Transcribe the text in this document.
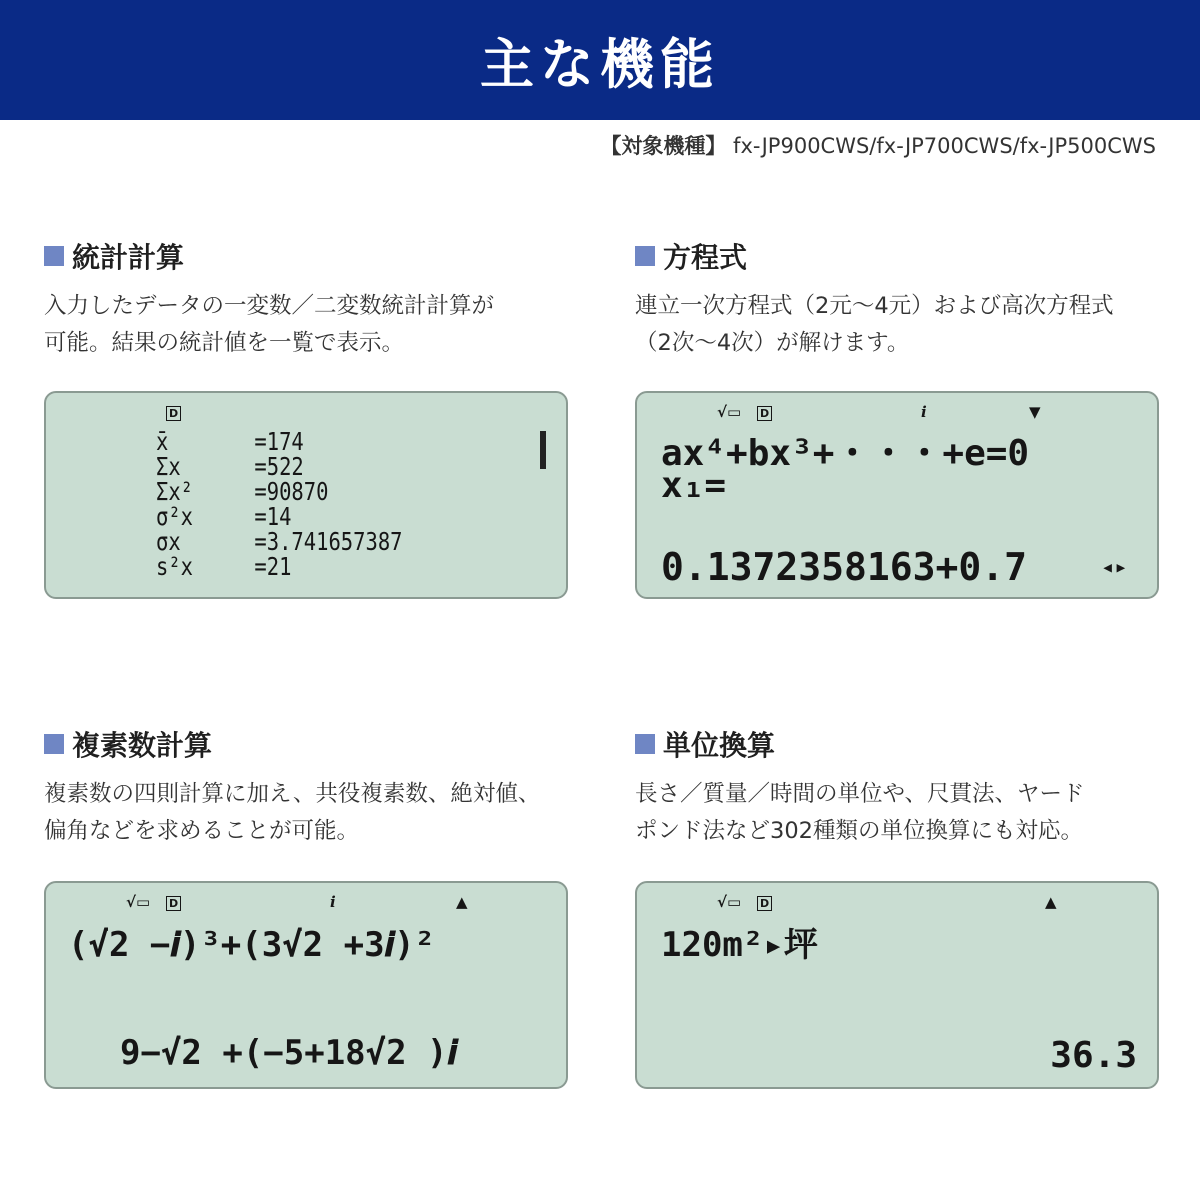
主な機能
【対象機種】 fx-JP900CWS/fx-JP700CWS/fx-JP500CWS
統計計算

入力したデータの一変数／二変数統計計算が

可能。結果の統計値を一覧で表示。

D
x̄	=174
Σx	=522
Σx²	=90870
σ²x	=14
σx	=3.741657387
s²x	=21
方程式

連立一次方程式（2元〜4元）および高次方程式

（2次〜4次）が解けます。

√▭ D	i	▼
ax⁴+bx³+・・・+e=0
x₁=
0.1372358163+0.7	◂▸
複素数計算

複素数の四則計算に加え、共役複素数、絶対値、

偏角などを求めることが可能。

√▭ D	i	▲
(√2 −𝒊)³+(3√2 +3𝒊)²
9−√2 +(−5+18√2 )𝒊
単位換算

長さ／質量／時間の単位や、尺貫法、ヤード

ポンド法など302種類の単位換算にも対応。

√▭ D	▲
120m²▸坪
36.3
